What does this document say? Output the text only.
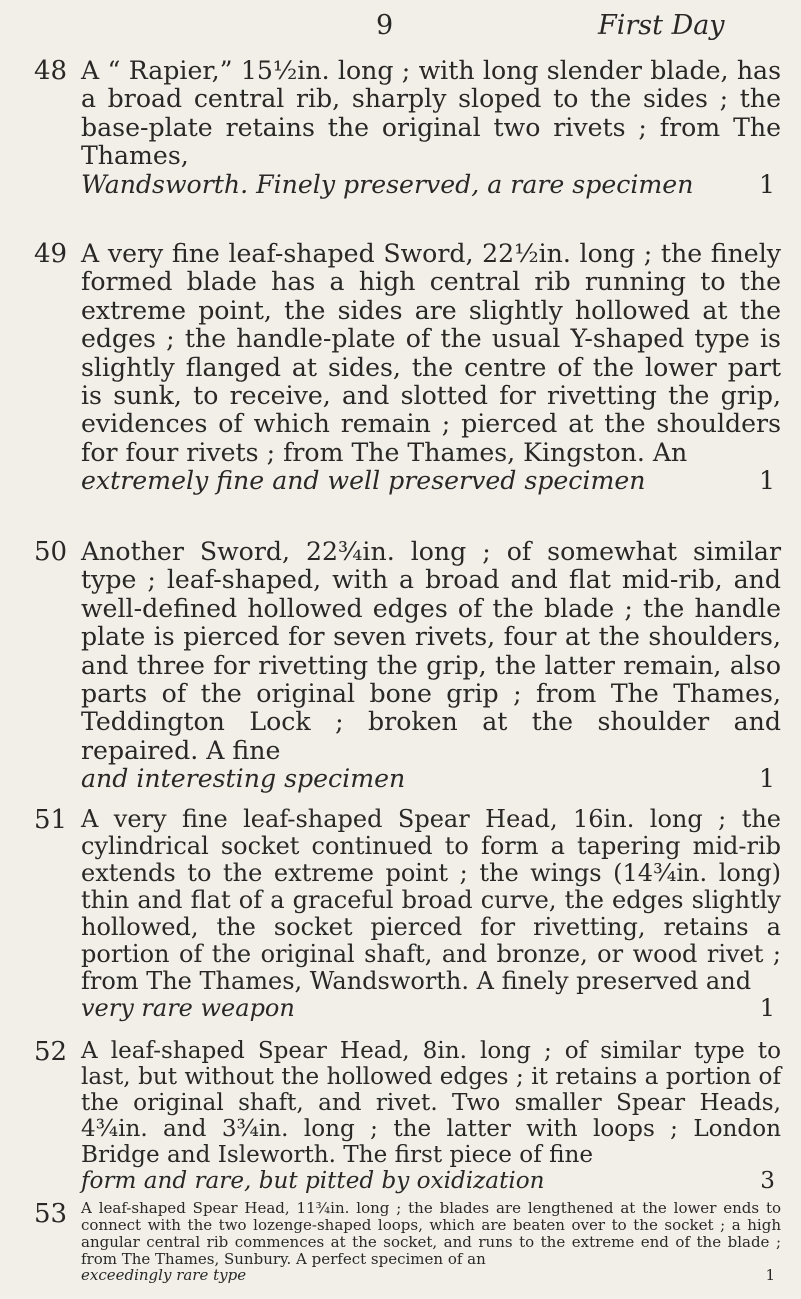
9	First Day
48 A “ Rapier,” 15½in. long ; with long slender blade, has a broad central rib, sharply sloped to the sides ; the base-plate retains the original two rivets ; from The Thames,
Wandsworth. Finely preserved, a rare specimen	1
49 A very fine leaf-shaped Sword, 22½in. long ; the finely formed blade has a high central rib running to the extreme point, the sides are slightly hollowed at the edges ; the handle-plate of the usual Y-shaped type is slightly flanged at sides, the centre of the lower part is sunk, to receive, and slotted for rivetting the grip, evidences of which remain ; pierced at the shoulders for four rivets ; from The Thames, Kingston. An
extremely fine and well preserved specimen	1
50 Another Sword, 22¾in. long ; of somewhat similar type ; leaf-shaped, with a broad and flat mid-rib, and well-defined hollowed edges of the blade ; the handle plate is pierced for seven rivets, four at the shoulders, and three for rivetting the grip, the latter remain, also parts of the original bone grip ; from The Thames, Teddington Lock ; broken at the shoulder and repaired. A fine
and interesting specimen	1
51 A very fine leaf-shaped Spear Head, 16in. long ; the cylindrical socket continued to form a tapering mid-rib extends to the extreme point ; the wings (14¾in. long) thin and flat of a graceful broad curve, the edges slightly hollowed, the socket pierced for rivetting, retains a portion of the original shaft, and bronze, or wood rivet ; from The Thames, Wandsworth. A finely preserved and
very rare weapon	1
52 A leaf-shaped Spear Head, 8in. long ; of similar type to last, but without the hollowed edges ; it retains a portion of the original shaft, and rivet. Two smaller Spear Heads, 4¾in. and 3¾in. long ; the latter with loops ; London Bridge and Isleworth. The first piece of fine
form and rare, but pitted by oxidization	3
53 A leaf-shaped Spear Head, 11¾in. long ; the blades are lengthened at the lower ends to connect with the two lozenge-shaped loops, which are beaten over to the socket ; a high angular central rib commences at the socket, and runs to the extreme end of the blade ; from The Thames, Sunbury. A perfect specimen of an
exceedingly rare type	1
